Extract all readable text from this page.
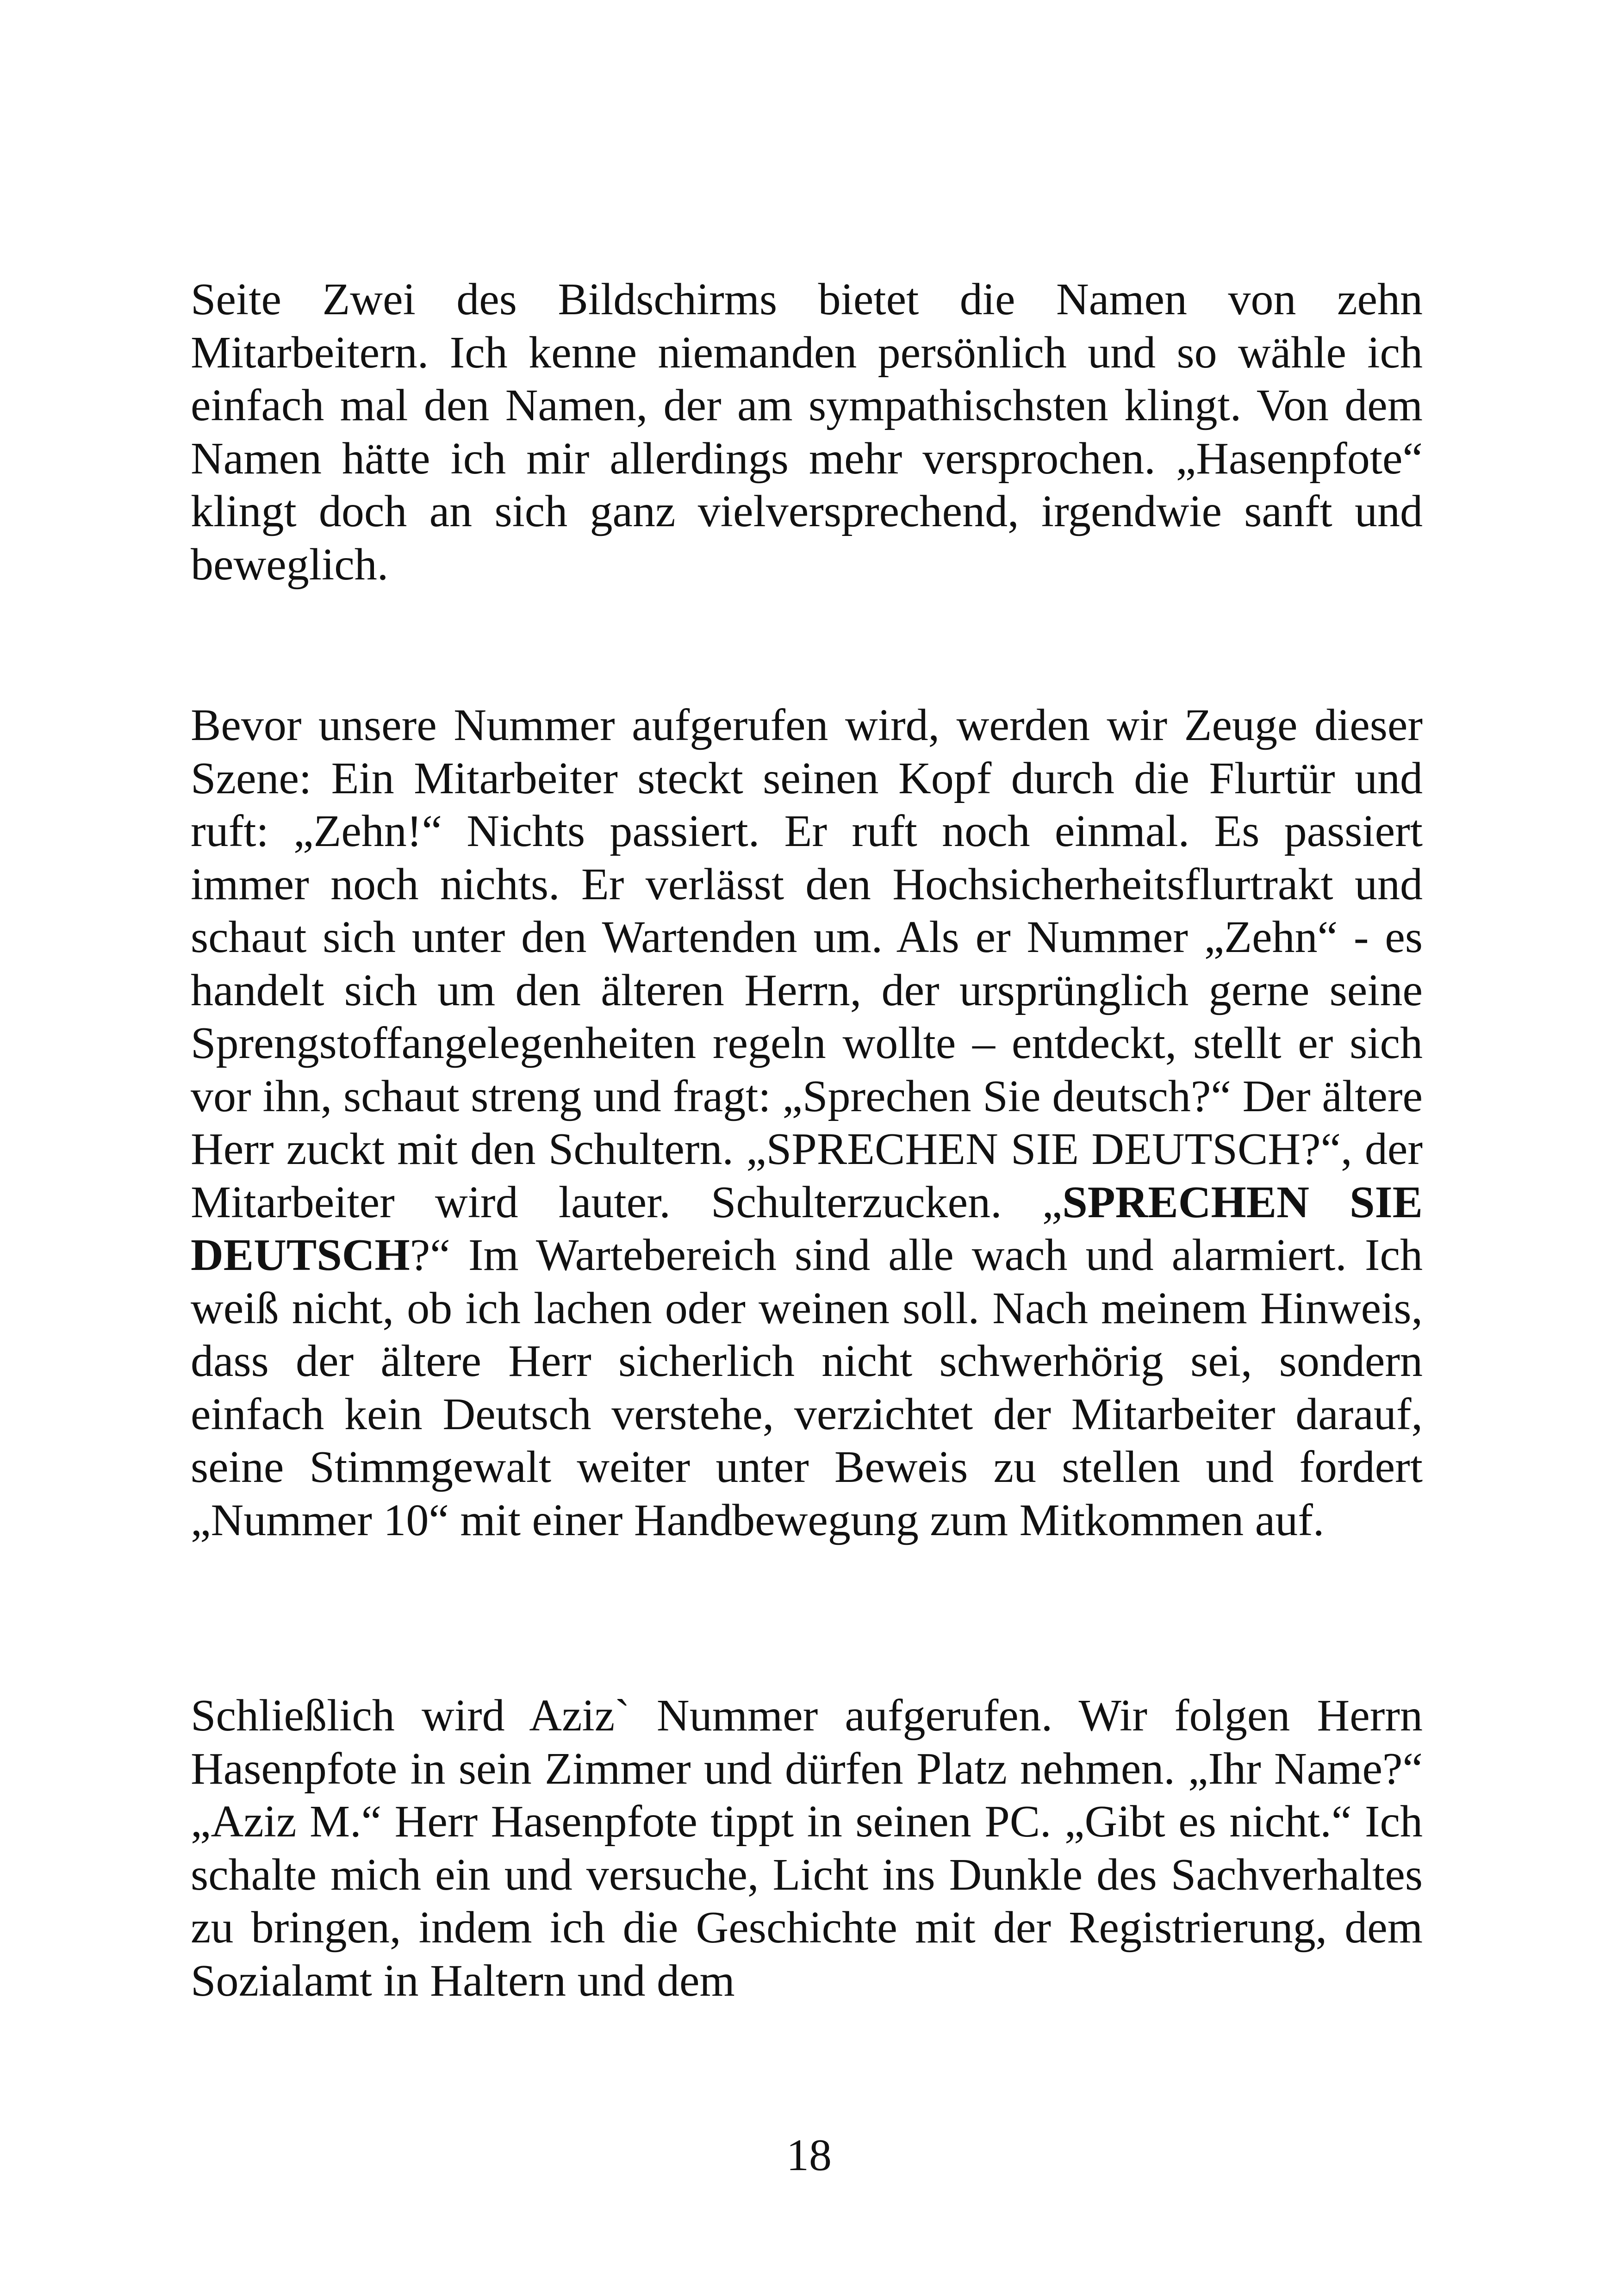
Seite Zwei des Bildschirms bietet die Namen von zehn Mitarbeitern. Ich kenne niemanden persönlich und so wähle ich einfach mal den Namen, der am sympathischsten klingt. Von dem Namen hätte ich mir allerdings mehr versprochen. „Hasenpfote“ klingt doch an sich ganz vielversprechend, irgendwie sanft und beweglich.

Bevor unsere Nummer aufgerufen wird, werden wir Zeuge dieser Szene: Ein Mitarbeiter steckt seinen Kopf durch die Flurtür und ruft: „Zehn!“ Nichts passiert. Er ruft noch einmal. Es passiert immer noch nichts. Er verlässt den Hochsicherheitsflurtrakt und schaut sich unter den Wartenden um. Als er Nummer „Zehn“ - es handelt sich um den älteren Herrn, der ursprünglich gerne seine Sprengstoffangelegenheiten regeln wollte – entdeckt, stellt er sich vor ihn, schaut streng und fragt: „Sprechen Sie deutsch?“ Der ältere Herr zuckt mit den Schultern. „SPRECHEN SIE DEUTSCH?“, der Mitarbeiter wird lauter. Schulterzucken. „SPRECHEN SIE DEUTSCH?“ Im Wartebereich sind alle wach und alarmiert. Ich weiß nicht, ob ich lachen oder weinen soll. Nach meinem Hinweis, dass der ältere Herr sicherlich nicht schwerhörig sei, sondern einfach kein Deutsch verstehe, verzichtet der Mitarbeiter darauf, seine Stimmgewalt weiter unter Beweis zu stellen und fordert „Nummer 10“ mit einer Handbewegung zum Mitkommen auf.

Schließlich wird Aziz` Nummer aufgerufen. Wir folgen Herrn Hasenpfote in sein Zimmer und dürfen Platz nehmen. „Ihr Name?“ „Aziz M.“ Herr Hasenpfote tippt in seinen PC. „Gibt es nicht.“ Ich schalte mich ein und versuche, Licht ins Dunkle des Sachverhaltes zu bringen, indem ich die Geschichte mit der Registrierung, dem Sozialamt in Haltern und dem

18
